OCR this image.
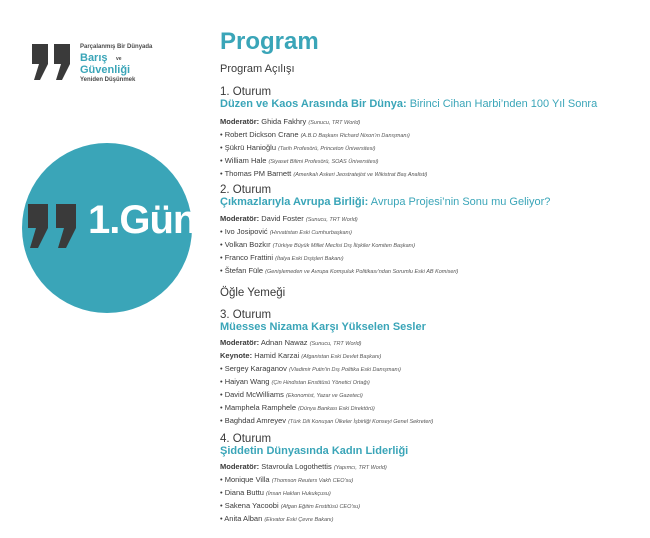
Parçalanmış Bir Dünyada
Barış ve
Güvenliği
Yeniden Düşünmek
1.Gün
Program
Program Açılışı
1. Oturum
Düzen ve Kaos Arasında Bir Dünya: Birinci Cihan Harbi’nden 100 Yıl Sonra
Moderatör: Ghida Fakhry (Sunucu, TRT World)
• Robert Dickson Crane (A.B.D Başkanı Richard Nixon'ın Danışmanı)
• Şükrü Hanioğlu (Tarih Profesörü, Princeton Üniversitesi)
• William Hale (Siyaset Bilimi Profesörü, SOAS Üniversitesi)
• Thomas PM Barnett (Amerikalı Askeri Jeostratejist ve Wikistrat Baş Analisti)
2. Oturum
Çıkmazlarıyla Avrupa Birliği: Avrupa Projesi’nin Sonu mu Geliyor?
Moderatör: David Foster (Sunucu, TRT World)
• Ivo Josipović (Hırvatistan Eski Cumhurbaşkanı)
• Volkan Bozkır (Türkiye Büyük Millet Meclisi Dış İlişkiler Komiten Başkanı)
• Franco Frattini (İtalya Eski Dışişleri Bakanı)
• Štefan Füle (Genişlemeden ve Avrupa Komşuluk Politikası'ndan Sorumlu Eski AB Komiseri)
Öğle Yemeği
3. Oturum
Müesses Nizama Karşı Yükselen Sesler
Moderatör: Adnan Nawaz (Sunucu, TRT World)
Keynote: Hamid Karzai (Afganistan Eski Devlet Başkanı)
• Sergey Karaganov (Vladimir Putin'in Dış Politika Eski Danışmanı)
• Haiyan Wang (Çin Hindistan Enstitüsü Yönetici Ortağı)
• David McWilliams (Ekonomist, Yazar ve Gazeteci)
• Mamphela Ramphele (Dünya Bankası Eski Direktörü)
• Baghdad Amreyev (Türk Dili Konuşan Ülkeler İşbirliği Konseyi Genel Sekreteri)
4. Oturum
Şiddetin Dünyasında Kadın Liderliği
Moderatör: Stavroula Logothettis (Yapımcı, TRT World)
• Monique Villa (Thomson Reuters Vakfı CEO'su)
• Diana Buttu (İnsan Hakları Hukukçusu)
• Sakena Yacoobi (Afgan Eğitim Enstitüsü CEO'su)
• Anita Alban (Ekvator Eski Çevre Bakanı)
